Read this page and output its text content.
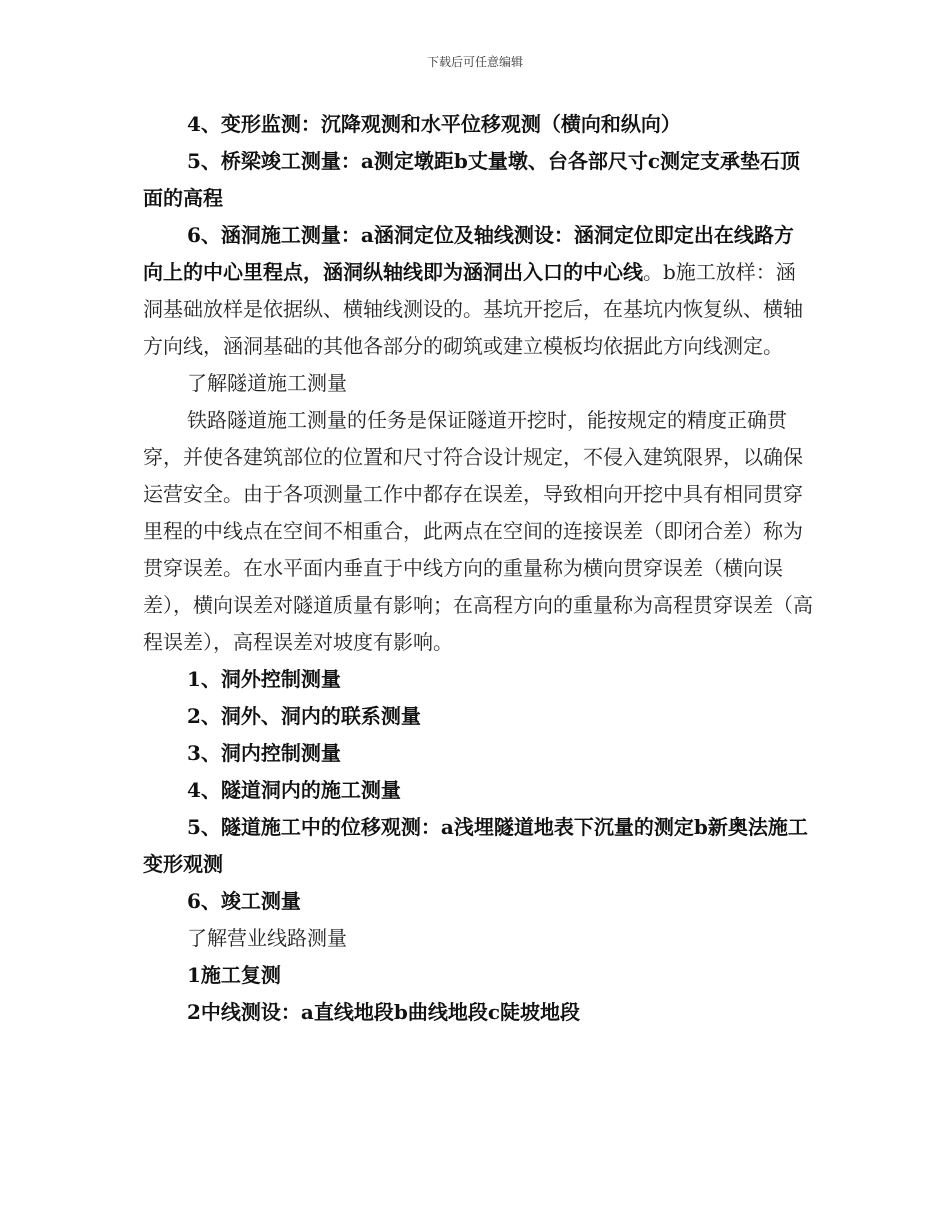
下载后可任意编辑

4、变形监测：沉降观测和水平位移观测（横向和纵向）

5、桥梁竣工测量：a测定墩距b丈量墩、台各部尺寸c测定支承垫石顶面的高程

6、涵洞施工测量：a涵洞定位及轴线测设：涵洞定位即定出在线路方向上的中心里程点，涵洞纵轴线即为涵洞出入口的中心线。b施工放样：涵洞基础放样是依据纵、横轴线测设的。基坑开挖后，在基坑内恢复纵、横轴方向线，涵洞基础的其他各部分的砌筑或建立模板均依据此方向线测定。

了解隧道施工测量

铁路隧道施工测量的任务是保证隧道开挖时，能按规定的精度正确贯穿，并使各建筑部位的位置和尺寸符合设计规定，不侵入建筑限界，以确保运营安全。由于各项测量工作中都存在误差，导致相向开挖中具有相同贯穿里程的中线点在空间不相重合，此两点在空间的连接误差（即闭合差）称为贯穿误差。在水平面内垂直于中线方向的重量称为横向贯穿误差（横向误差），横向误差对隧道质量有影响；在高程方向的重量称为高程贯穿误差（高程误差），高程误差对坡度有影响。

1、洞外控制测量

2、洞外、洞内的联系测量

3、洞内控制测量

4、隧道洞内的施工测量

5、隧道施工中的位移观测：a浅埋隧道地表下沉量的测定b新奥法施工变形观测

6、竣工测量

了解营业线路测量

1施工复测

2中线测设：a直线地段b曲线地段c陡坡地段
